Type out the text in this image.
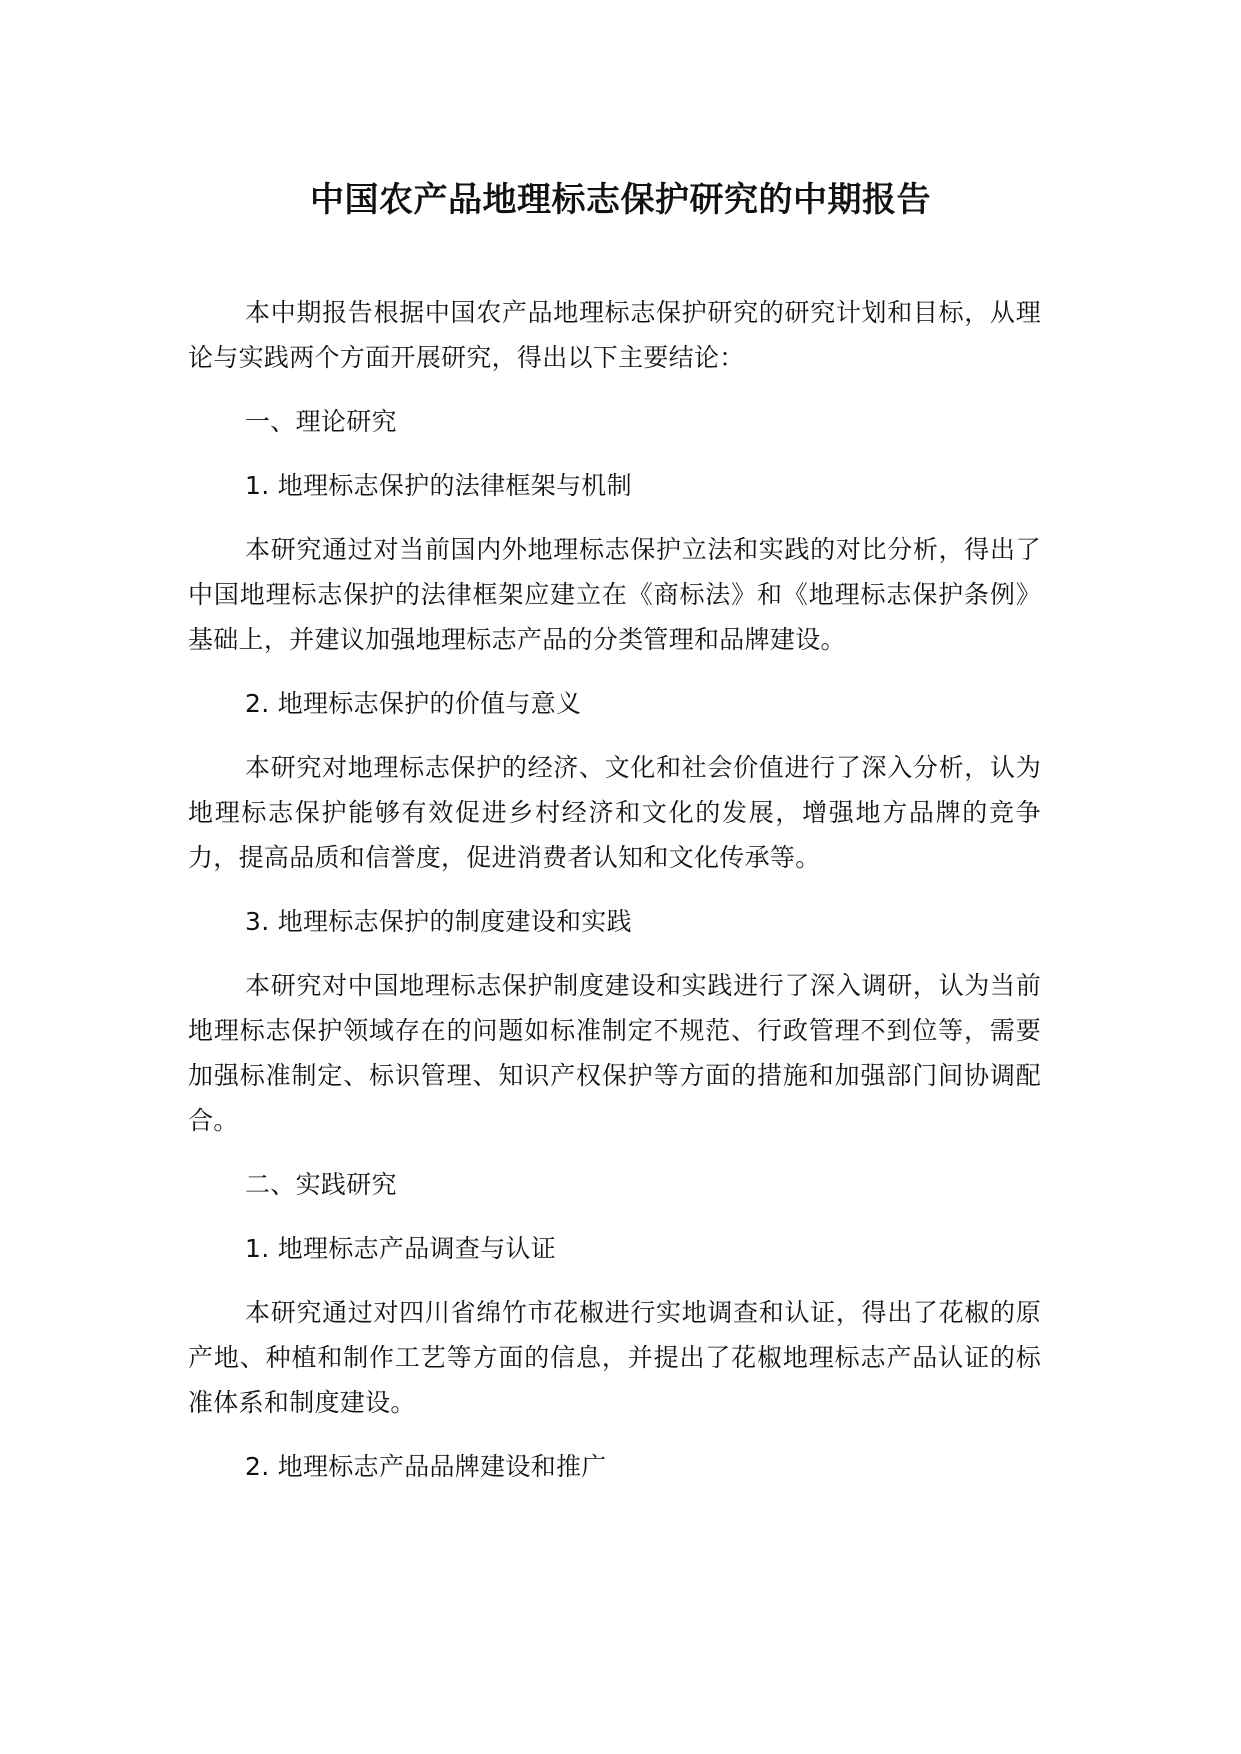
中国农产品地理标志保护研究的中期报告

本中期报告根据中国农产品地理标志保护研究的研究计划和目标，从理论与实践两个方面开展研究，得出以下主要结论：

一、理论研究

1. 地理标志保护的法律框架与机制

本研究通过对当前国内外地理标志保护立法和实践的对比分析，得出了中国地理标志保护的法律框架应建立在《商标法》和《地理标志保护条例》基础上，并建议加强地理标志产品的分类管理和品牌建设。

2. 地理标志保护的价值与意义

本研究对地理标志保护的经济、文化和社会价值进行了深入分析，认为地理标志保护能够有效促进乡村经济和文化的发展，增强地方品牌的竞争力，提高品质和信誉度，促进消费者认知和文化传承等。

3. 地理标志保护的制度建设和实践

本研究对中国地理标志保护制度建设和实践进行了深入调研，认为当前地理标志保护领域存在的问题如标准制定不规范、行政管理不到位等，需要加强标准制定、标识管理、知识产权保护等方面的措施和加强部门间协调配合。

二、实践研究

1. 地理标志产品调查与认证

本研究通过对四川省绵竹市花椒进行实地调查和认证，得出了花椒的原产地、种植和制作工艺等方面的信息，并提出了花椒地理标志产品认证的标准体系和制度建设。

2. 地理标志产品品牌建设和推广
